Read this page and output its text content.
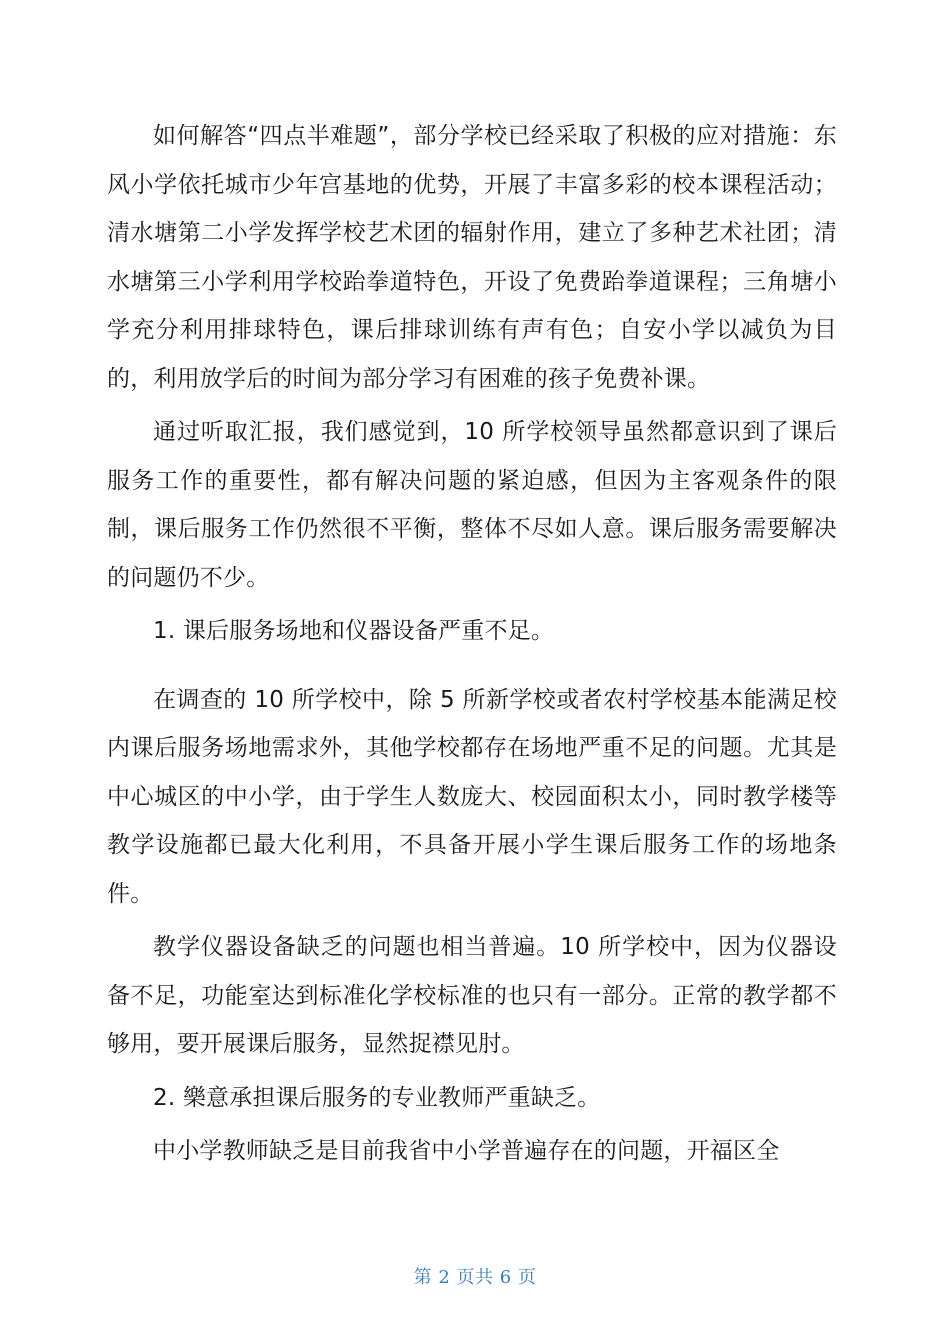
如何解答“四点半难题”，部分学校已经采取了积极的应对措施：东风小学依托城市少年宫基地的优势，开展了丰富多彩的校本课程活动；清水塘第二小学发挥学校艺术团的辐射作用，建立了多种艺术社团；清水塘第三小学利用学校跆拳道特色，开设了免费跆拳道课程；三角塘小学充分利用排球特色，课后排球训练有声有色；自安小学以减负为目的，利用放学后的时间为部分学习有困难的孩子免费补课。

通过听取汇报，我们感觉到，10 所学校领导虽然都意识到了课后服务工作的重要性，都有解决问题的紧迫感，但因为主客观条件的限制，课后服务工作仍然很不平衡，整体不尽如人意。课后服务需要解决的问题仍不少。

1. 课后服务场地和仪器设备严重不足。

在调查的 10 所学校中，除 5 所新学校或者农村学校基本能满足校内课后服务场地需求外，其他学校都存在场地严重不足的问题。尤其是中心城区的中小学，由于学生人数庞大、校园面积太小，同时教学楼等教学设施都已最大化利用，不具备开展小学生课后服务工作的场地条件。

教学仪器设备缺乏的问题也相当普遍。10 所学校中，因为仪器设备不足，功能室达到标准化学校标准的也只有一部分。正常的教学都不够用，要开展课后服务，显然捉襟见肘。

2. 樂意承担课后服务的专业教师严重缺乏。

中小学教师缺乏是目前我省中小学普遍存在的问题，开福区全

第 2 页共 6 页
